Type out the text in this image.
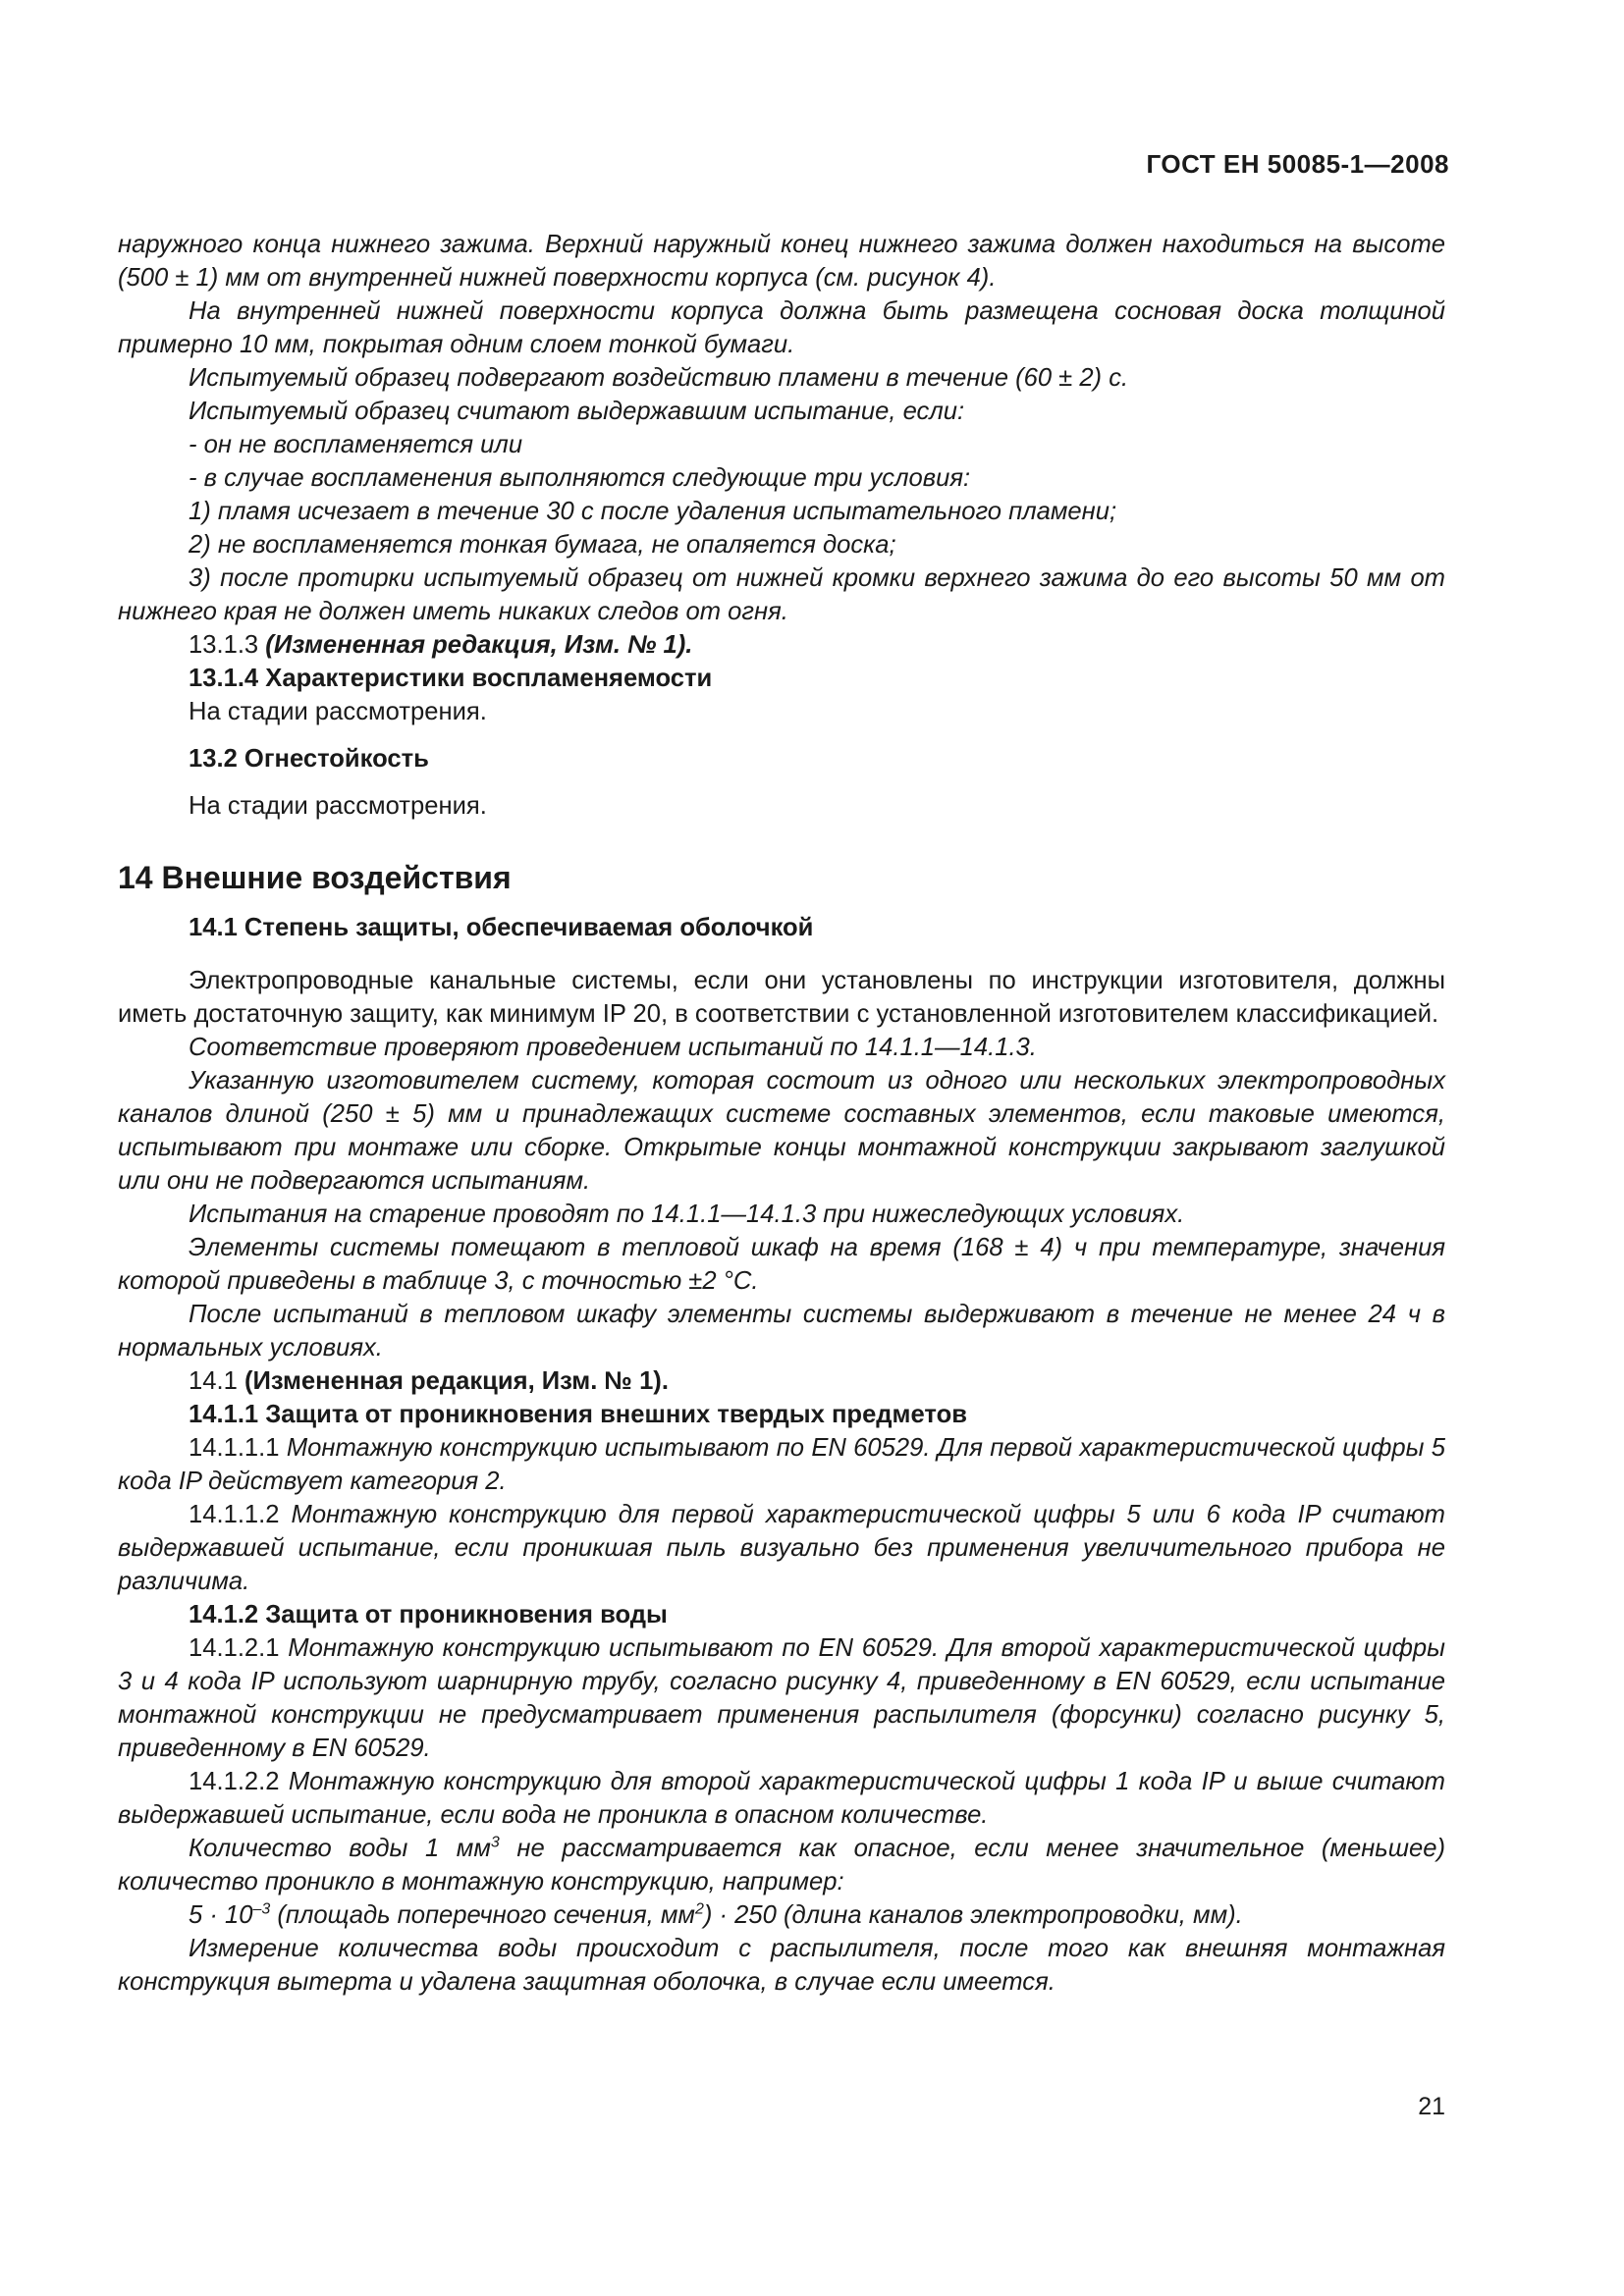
ГОСТ ЕН 50085-1—2008

наружного конца нижнего зажима. Верхний наружный конец нижнего зажима должен находиться на высоте (500 ± 1) мм от внутренней нижней поверхности корпуса (см. рисунок 4).

На внутренней нижней поверхности корпуса должна быть размещена сосновая доска толщиной примерно 10 мм, покрытая одним слоем тонкой бумаги.

Испытуемый образец подвергают воздействию пламени в течение (60 ± 2) с.

Испытуемый образец считают выдержавшим испытание, если:

- он не воспламеняется или

- в случае воспламенения выполняются следующие три условия:

1) пламя исчезает в течение 30 с после удаления испытательного пламени;

2) не воспламеняется тонкая бумага, не опаляется доска;

3) после протирки испытуемый образец от нижней кромки верхнего зажима до его высоты 50 мм от нижнего края не должен иметь никаких следов от огня.

13.1.3 (Измененная редакция, Изм. № 1).

13.1.4 Характеристики воспламеняемости

На стадии рассмотрения.

13.2 Огнестойкость

На стадии рассмотрения.

14 Внешние воздействия

14.1 Степень защиты, обеспечиваемая оболочкой

Электропроводные канальные системы, если они установлены по инструкции изготовителя, должны иметь достаточную защиту, как минимум IP 20, в соответствии с установленной изготовителем классификацией.

Соответствие проверяют проведением испытаний по 14.1.1—14.1.3.

Указанную изготовителем систему, которая состоит из одного или нескольких электропроводных каналов длиной (250 ± 5) мм и принадлежащих системе составных элементов, если таковые имеются, испытывают при монтаже или сборке. Открытые концы монтажной конструкции закрывают заглушкой или они не подвергаются испытаниям.

Испытания на старение проводят по 14.1.1—14.1.3 при нижеследующих условиях.

Элементы системы помещают в тепловой шкаф на время (168 ± 4) ч при температуре, значения которой приведены в таблице 3, с точностью ±2 °С.

После испытаний в тепловом шкафу элементы системы выдерживают в течение не менее 24 ч в нормальных условиях.

14.1 (Измененная редакция, Изм. № 1).

14.1.1 Защита от проникновения внешних твердых предметов

14.1.1.1 Монтажную конструкцию испытывают по EN 60529. Для первой характеристической цифры 5 кода IP действует категория 2.

14.1.1.2 Монтажную конструкцию для первой характеристической цифры 5 или 6 кода IP считают выдержавшей испытание, если проникшая пыль визуально без применения увеличительного прибора не различима.

14.1.2 Защита от проникновения воды

14.1.2.1 Монтажную конструкцию испытывают по EN 60529. Для второй характеристической цифры 3 и 4 кода IP используют шарнирную трубу, согласно рисунку 4, приведенному в EN 60529, если испытание монтажной конструкции не предусматривает применения распылителя (форсунки) согласно рисунку 5, приведенному в EN 60529.

14.1.2.2 Монтажную конструкцию для второй характеристической цифры 1 кода IP и выше считают выдержавшей испытание, если вода не проникла в опасном количестве.

Количество воды 1 $мм^3$ не рассматривается как опасное, если менее значительное (меньшее) количество проникло в монтажную конструкцию, например:

$5 \cdot 10^{-3}$ (площадь поперечного сечения, $мм^2) \cdot 250$ (длина каналов электропроводки, мм).

Измерение количества воды происходит с распылителя, после того как внешняя монтажная конструкция вытерта и удалена защитная оболочка, в случае если имеется.

21
